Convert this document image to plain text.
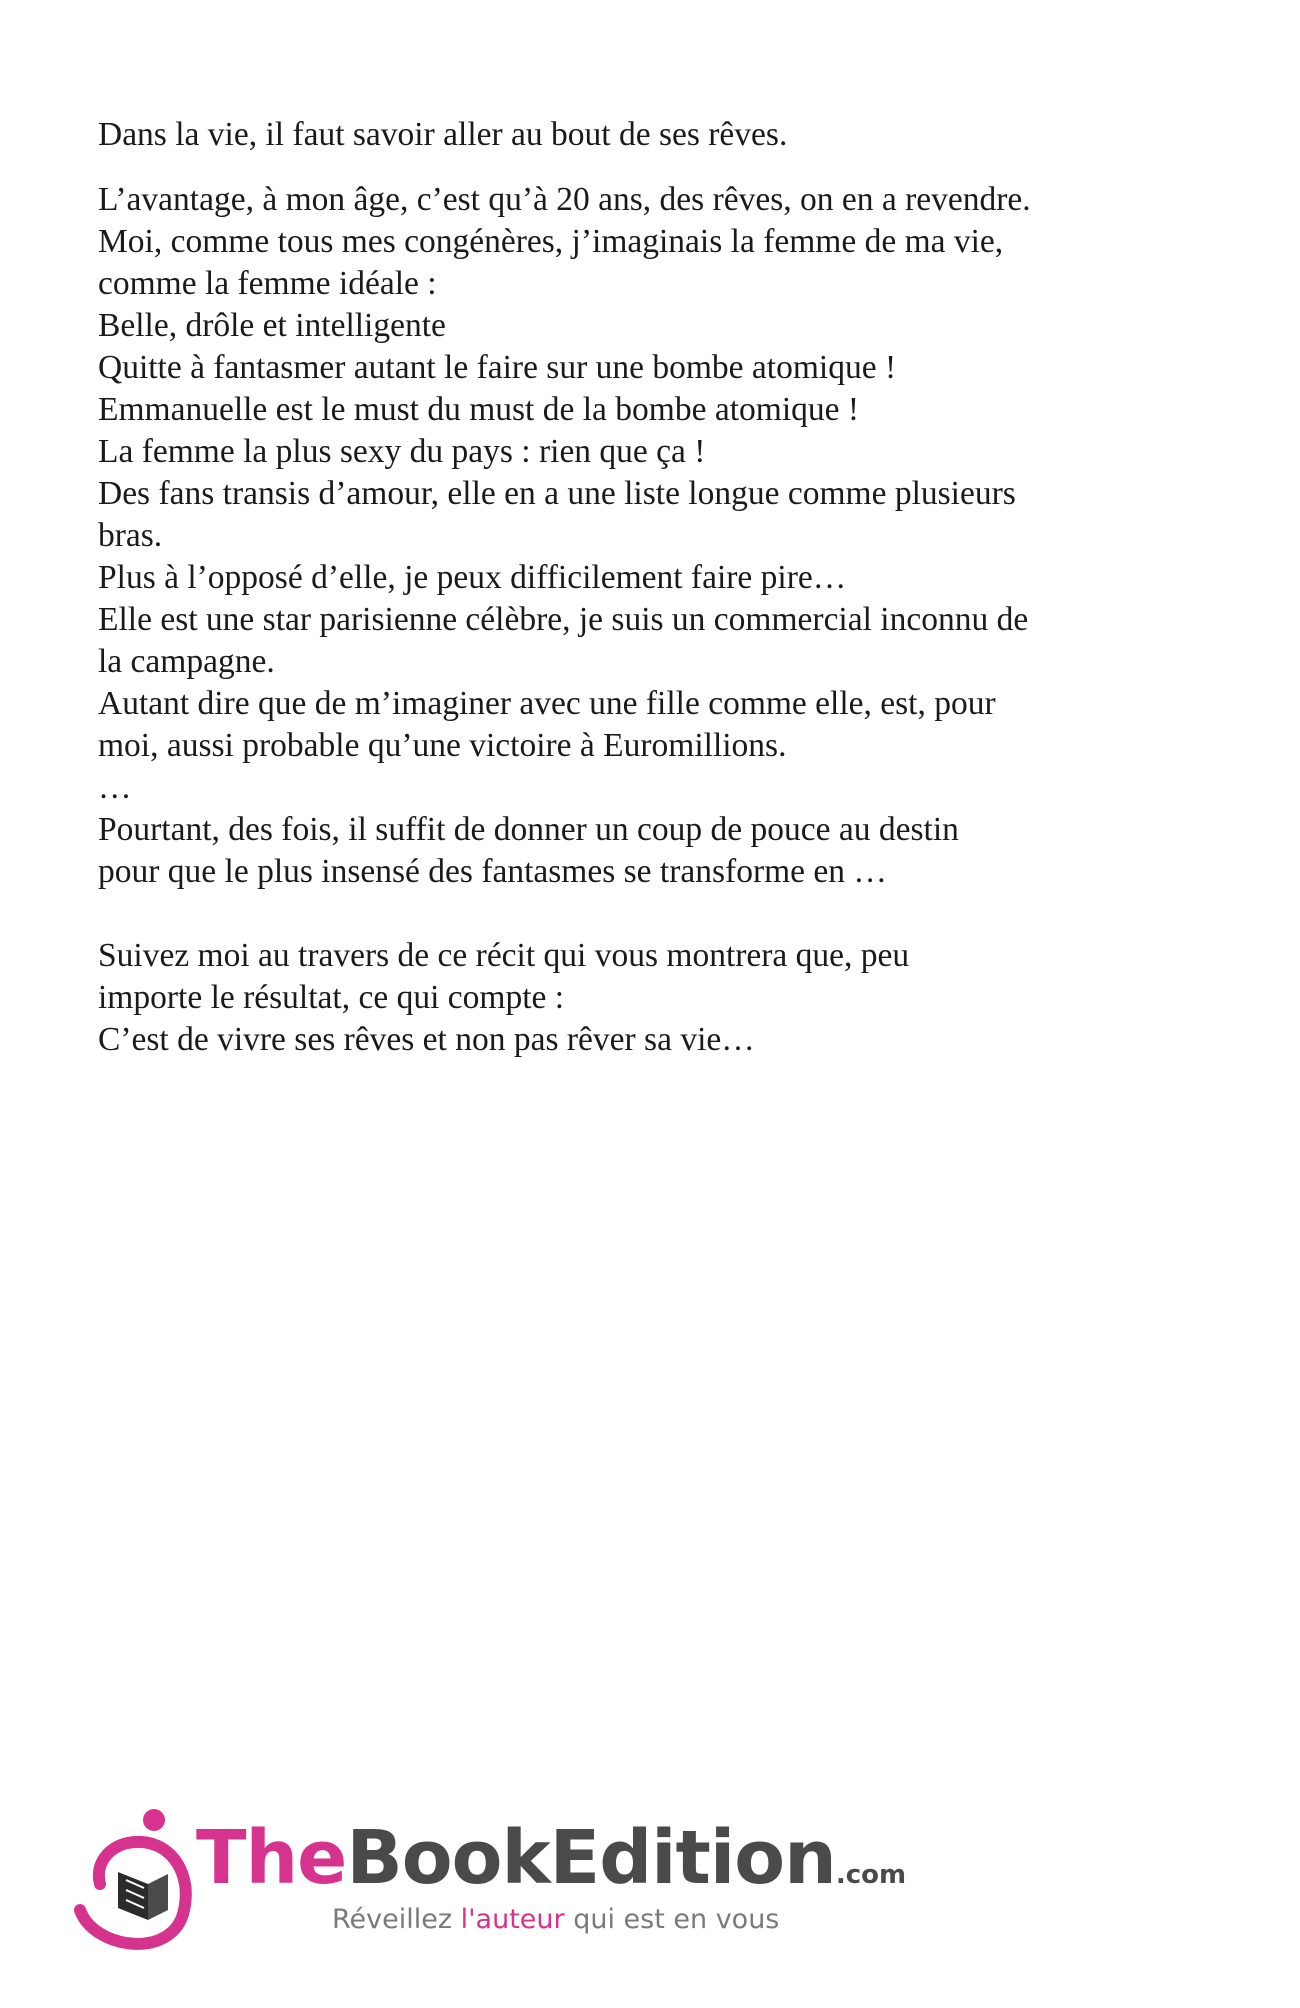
Dans la vie, il faut savoir aller au bout de ses rêves.

L’avantage, à mon âge, c’est qu’à 20 ans, des rêves, on en a revendre.
Moi, comme tous mes congénères, j’imaginais la femme de ma vie,
comme la femme idéale :
Belle, drôle et intelligente
Quitte à fantasmer autant le faire sur une bombe atomique !
Emmanuelle est le must du must de la bombe atomique !
La femme la plus sexy du pays : rien que ça !
Des fans transis d’amour, elle en a une liste longue comme plusieurs
bras.
Plus à l’opposé d’elle, je peux difficilement faire pire…
Elle est une star parisienne célèbre, je suis un commercial inconnu de
la campagne.
Autant dire que de m’imaginer avec une fille comme elle, est, pour
moi, aussi probable qu’une victoire à Euromillions.
…
Pourtant, des fois, il suffit de donner un coup de pouce au destin
pour que le plus insensé des fantasmes se transforme en …
Suivez moi au travers de ce récit qui vous montrera que, peu
importe le résultat, ce qui compte :
C’est de vivre ses rêves et non pas rêver sa vie…
TheBookEdition.com
Réveillez l'auteur qui est en vous
